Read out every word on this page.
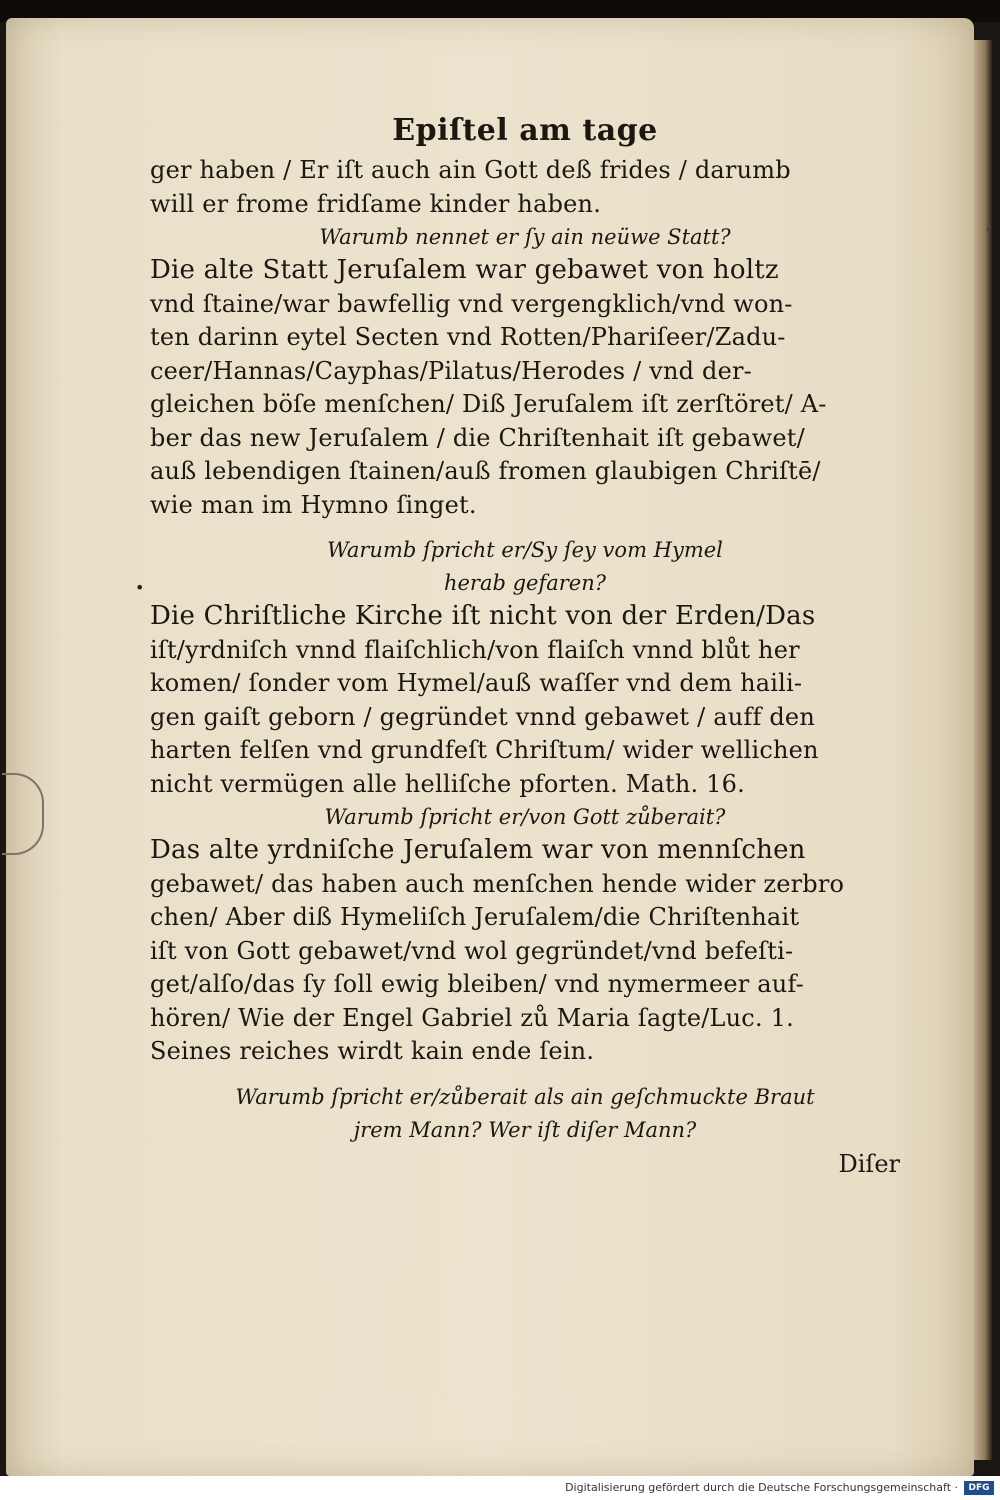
•
˒
Epiſtel am tage
ger haben / Er iſt auch ain Gott deß frides / darumb
will er frome fridſame kinder haben.
Warumb nennet er ſy ain neüwe Statt?
Die alte Statt Jeruſalem war gebawet von holtz
vnd ſtaine/war bawfellig vnd vergengklich/vnd won-
ten darinn eytel Secten vnd Rotten/Phariſeer/Zadu-
ceer/Hannas/Cayphas/Pilatus/Herodes / vnd der-
gleichen böſe menſchen/ Diß Jeruſalem iſt zerſtöret/ A-
ber das new Jeruſalem / die Chriſtenhait iſt gebawet/
auß lebendigen ſtainen/auß fromen glaubigen Chriſtē/
wie man im Hymno ſinget.
Warumb ſpricht er/Sy ſey vom Hymel
herab gefaren?
Die Chriſtliche Kirche iſt nicht von der Erden/Das
iſt/yrdniſch vnnd flaiſchlich/von flaiſch vnnd blůt her
komen/ ſonder vom Hymel/auß waſſer vnd dem haili-
gen gaiſt geborn / gegründet vnnd gebawet / auff den
harten felſen vnd grundfeſt Chriſtum/ wider wellichen
nicht vermügen alle helliſche pforten. Math. 16.
Warumb ſpricht er/von Gott zůberait?
Das alte yrdniſche Jeruſalem war von mennſchen
gebawet/ das haben auch menſchen hende wider zerbro
chen/ Aber diß Hymeliſch Jeruſalem/die Chriſtenhait
iſt von Gott gebawet/vnd wol gegründet/vnd befeſti-
get/alſo/das ſy ſoll ewig bleiben/ vnd nymermeer auf-
hören/ Wie der Engel Gabriel zů Maria ſagte/Luc. 1.
Seines reiches wirdt kain ende ſein.
Warumb ſpricht er/zůberait als ain geſchmuckte Braut
jrem Mann? Wer iſt diſer Mann?
Diſer
Digitalisierung gefördert durch die Deutsche Forschungsgemeinschaft ·	DFG
